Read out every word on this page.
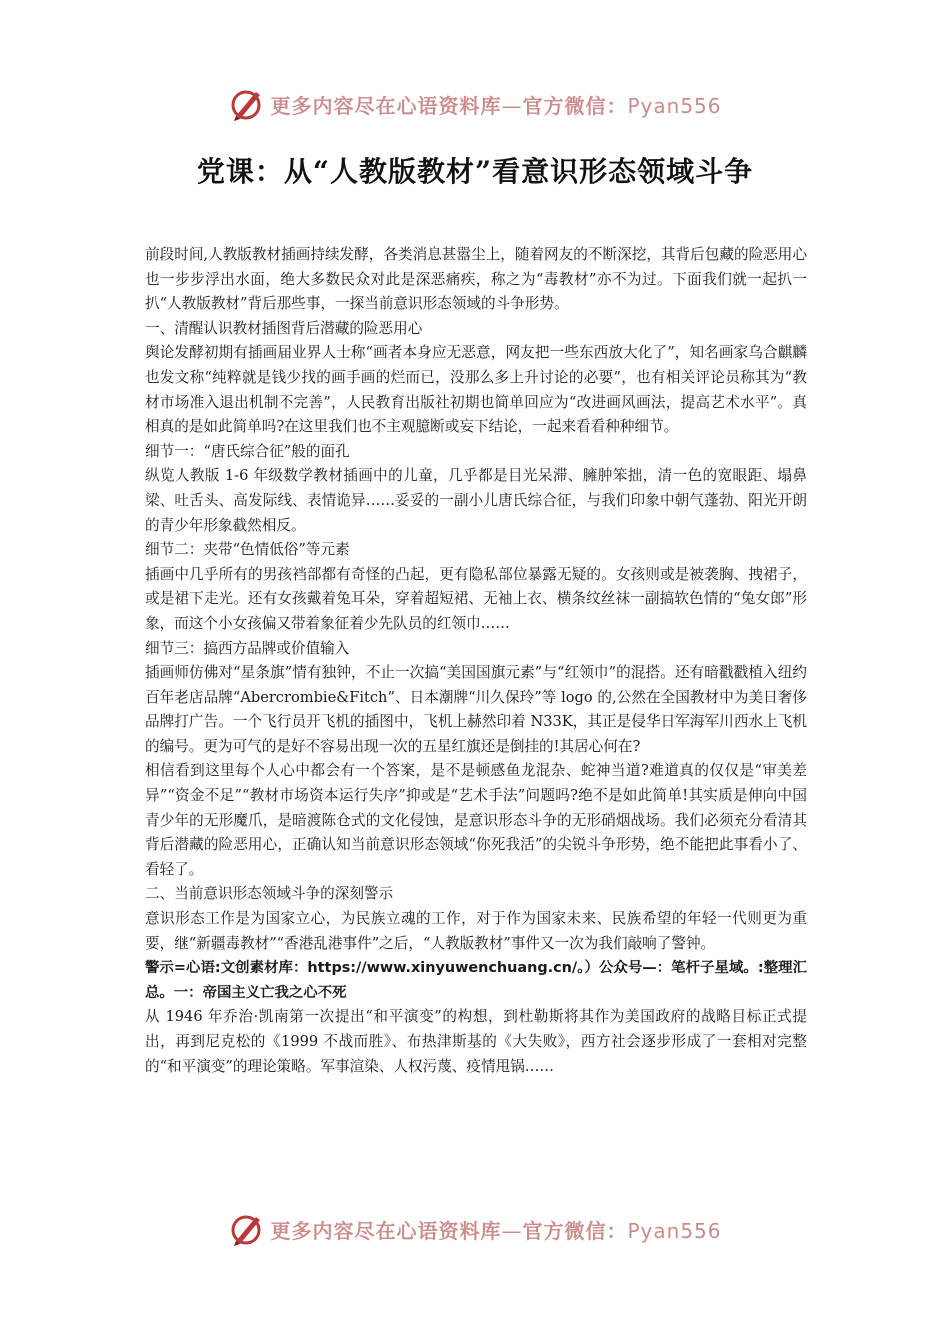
更多内容尽在心语资料库—官方微信：Pyan556
党课：从“人教版教材”看意识形态领域斗争

前段时间,人教版教材插画持续发酵，各类消息甚嚣尘上，随着网友的不断深挖，其背后包藏的险恶用心也一步步浮出水面，绝大多数民众对此是深恶痛疾，称之为“毒教材”亦不为过。下面我们就一起扒一扒“人教版教材”背后那些事，一探当前意识形态领域的斗争形势。

一、清醒认识教材插图背后潜藏的险恶用心

舆论发酵初期有插画届业界人士称“画者本身应无恶意，网友把一些东西放大化了”，知名画家乌合麒麟也发文称“纯粹就是钱少找的画手画的烂而已，没那么多上升讨论的必要”，也有相关评论员称其为“教材市场准入退出机制不完善”，人民教育出版社初期也简单回应为“改进画风画法，提高艺术水平”。真相真的是如此简单吗?在这里我们也不主观臆断或妄下结论，一起来看看种种细节。

细节一：“唐氏综合征”般的面孔

纵览人教版 1-6 年级数学教材插画中的儿童，几乎都是目光呆滞、臃肿笨拙，清一色的宽眼距、塌鼻梁、吐舌头、高发际线、表情诡异……妥妥的一副小儿唐氏综合征，与我们印象中朝气蓬勃、阳光开朗的青少年形象截然相反。

细节二：夹带“色情低俗”等元素

插画中几乎所有的男孩裆部都有奇怪的凸起，更有隐私部位暴露无疑的。女孩则或是被袭胸、拽裙子，或是裙下走光。还有女孩戴着兔耳朵，穿着超短裙、无袖上衣、横条纹丝袜一副搞软色情的“兔女郎”形象，而这个小女孩偏又带着象征着少先队员的红领巾……

细节三：搞西方品牌或价值输入

插画师仿佛对“星条旗”情有独钟，不止一次搞“美国国旗元素”与“红领巾”的混搭。还有暗戳戳植入纽约百年老店品牌“Abercrombie&Fitch”、日本潮牌“川久保玲”等 logo 的,公然在全国教材中为美日奢侈品牌打广告。一个飞行员开飞机的插图中，飞机上赫然印着 N33K，其正是侵华日军海军川西水上飞机的编号。更为可气的是好不容易出现一次的五星红旗还是倒挂的!其居心何在?

相信看到这里每个人心中都会有一个答案，是不是顿感鱼龙混杂、蛇神当道?难道真的仅仅是“审美差异”“资金不足”“教材市场资本运行失序”抑或是“艺术手法”问题吗?绝不是如此简单!其实质是伸向中国青少年的无形魔爪，是暗渡陈仓式的文化侵蚀，是意识形态斗争的无形硝烟战场。我们必须充分看清其背后潜藏的险恶用心，正确认知当前意识形态领域“你死我活”的尖锐斗争形势，绝不能把此事看小了、看轻了。

二、当前意识形态领域斗争的深刻警示

意识形态工作是为国家立心，为民族立魂的工作，对于作为国家未来、民族希望的年轻一代则更为重要，继“新疆毒教材”“香港乱港事件”之后，“人教版教材”事件又一次为我们敲响了警钟。

警示=心语:文创素材库：https://www.xinyuwenchuang.cn/。）公众号—：笔杆子星域。:整理汇总。一：帝国主义亡我之心不死

从 1946 年乔治·凯南第一次提出“和平演变”的构想，到杜勒斯将其作为美国政府的战略目标正式提出，再到尼克松的《1999 不战而胜》、布热津斯基的《大失败》，西方社会逐步形成了一套相对完整的“和平演变”的理论策略。军事渲染、人权污蔑、疫情甩锅……

更多内容尽在心语资料库—官方微信：Pyan556
